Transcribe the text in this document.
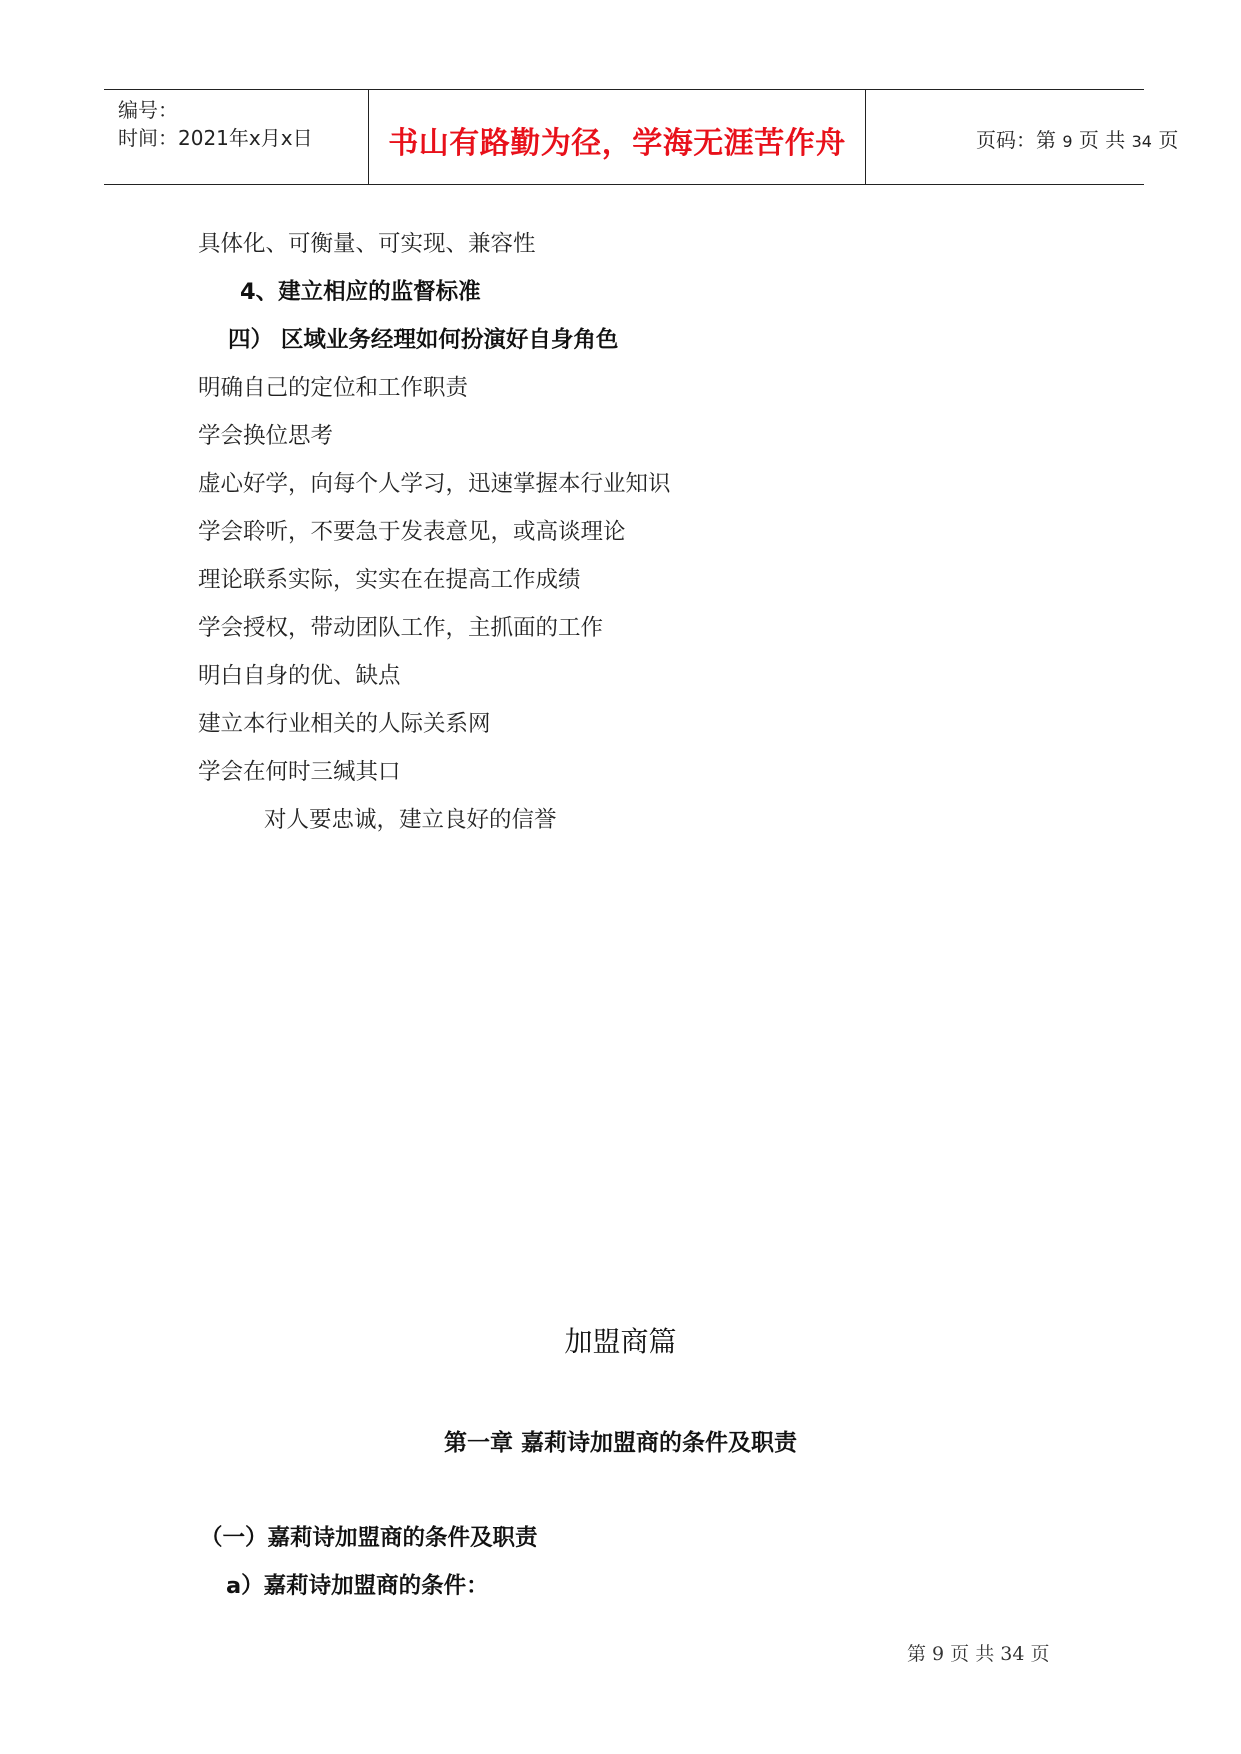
编号：
时间：2021年x月x日	书山有路勤为径，学海无涯苦作舟	页码：第 9 页 共 34 页
具体化、可衡量、可实现、兼容性
4、建立相应的监督标准
四） 区域业务经理如何扮演好自身角色
明确自己的定位和工作职责
学会换位思考
虚心好学，向每个人学习，迅速掌握本行业知识
学会聆听，不要急于发表意见，或高谈理论
理论联系实际，实实在在提高工作成绩
学会授权，带动团队工作，主抓面的工作
明白自身的优、缺点
建立本行业相关的人际关系网
学会在何时三缄其口
对人要忠诚，建立良好的信誉
加盟商篇
第一章 嘉莉诗加盟商的条件及职责
（一）嘉莉诗加盟商的条件及职责
a）嘉莉诗加盟商的条件：
第 9 页 共 34 页
